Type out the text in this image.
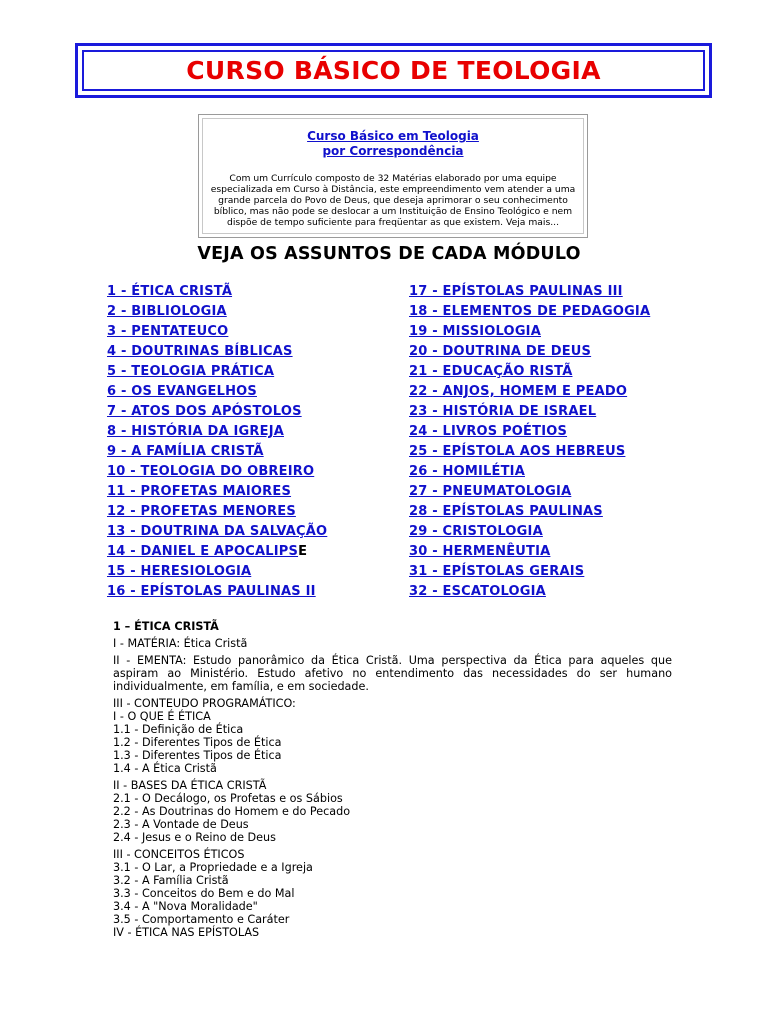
CURSO BÁSICO DE TEOLOGIA
Curso Básico em Teologia
por Correspondência
Com um Currículo composto de 32 Matérias elaborado por uma equipe especializada em Curso à Distância, este empreendimento vem atender a uma grande parcela do Povo de Deus, que deseja aprimorar o seu conhecimento bíblico, mas não pode se deslocar a um Instituição de Ensino Teológico e nem dispõe de tempo suficiente para freqüentar as que existem. Veja mais...
VEJA OS ASSUNTOS DE CADA MÓDULO
1 - ÉTICA CRISTÃ
2 - BIBLIOLOGIA
3 - PENTATEUCO
4 - DOUTRINAS BÍBLICAS
5 - TEOLOGIA PRÁTICA
6 - OS EVANGELHOS
7 - ATOS DOS APÓSTOLOS
8 - HISTÓRIA DA IGREJA
9 - A FAMÍLIA CRISTÃ
10 - TEOLOGIA DO OBREIRO
11 - PROFETAS MAIORES
12 - PROFETAS MENORES
13 - DOUTRINA DA SALVAÇÃO
14 - DANIEL E APOCALIPSE
15 - HERESIOLOGIA
16 - EPÍSTOLAS PAULINAS II
17 - EPÍSTOLAS PAULINAS III
18 - ELEMENTOS DE PEDAGOGIA
19 - MISSIOLOGIA
20 - DOUTRINA DE DEUS
21 - EDUCAÇÃO RISTÃ
22 - ANJOS, HOMEM E PEADO
23 - HISTÓRIA DE ISRAEL
24 - LIVROS POÉTIOS
25 - EPÍSTOLA AOS HEBREUS
26 - HOMILÉTIA
27 - PNEUMATOLOGIA
28 - EPÍSTOLAS PAULINAS
29 - CRISTOLOGIA
30 - HERMENÊUTIA
31 - EPÍSTOLAS GERAIS
32 - ESCATOLOGIA
1 – ÉTICA CRISTÃ

I - MATÉRIA: Ética Cristã

II - EMENTA: Estudo panorâmico da Ética Cristã. Uma perspectiva da Ética para aqueles que aspiram ao Ministério. Estudo afetivo no entendimento das necessidades do ser humano individualmente, em família, e em sociedade.

III - CONTEUDO PROGRAMÁTICO:
I - O QUE É ÉTICA
1.1 - Definição de Ética
1.2 - Diferentes Tipos de Ética
1.3 - Diferentes Tipos de Ética
1.4 - A Ética Cristã
II - BASES DA ÉTICA CRISTÃ
2.1 - O Decálogo, os Profetas e os Sábios
2.2 - As Doutrinas do Homem e do Pecado
2.3 - A Vontade de Deus
2.4 - Jesus e o Reino de Deus
III - CONCEITOS ÉTICOS
3.1 - O Lar, a Propriedade e a Igreja
3.2 - A Família Cristã
3.3 - Conceitos do Bem e do Mal
3.4 - A "Nova Moralidade"
3.5 - Comportamento e Caráter
IV - ÉTICA NAS EPÍSTOLAS
